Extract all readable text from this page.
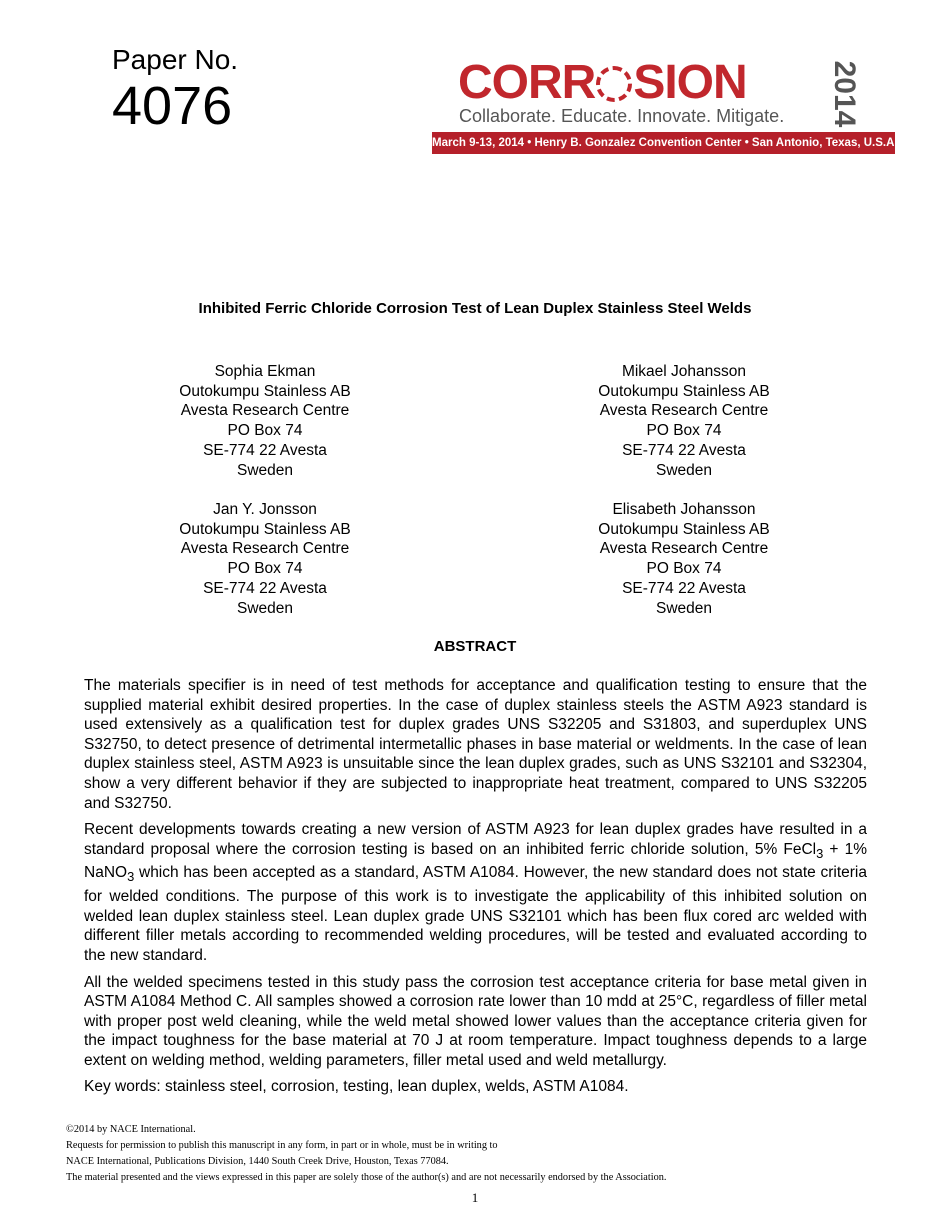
Paper No.
4076	CORR SION	2014
Collaborate. Educate. Innovate. Mitigate.
March 9-13, 2014 • Henry B. Gonzalez Convention Center • San Antonio, Texas, U.S.A.
Inhibited Ferric Chloride Corrosion Test of Lean Duplex Stainless Steel Welds
Sophia Ekman
Outokumpu Stainless AB
Avesta Research Centre
PO Box 74
SE-774 22 Avesta
Sweden
Mikael Johansson
Outokumpu Stainless AB
Avesta Research Centre
PO Box 74
SE-774 22 Avesta
Sweden
Jan Y. Jonsson
Outokumpu Stainless AB
Avesta Research Centre
PO Box 74
SE-774 22 Avesta
Sweden
Elisabeth Johansson
Outokumpu Stainless AB
Avesta Research Centre
PO Box 74
SE-774 22 Avesta
Sweden
ABSTRACT

The materials specifier is in need of test methods for acceptance and qualification testing to ensure that the supplied material exhibit desired properties. In the case of duplex stainless steels the ASTM A923 standard is used extensively as a qualification test for duplex grades UNS S32205 and S31803, and superduplex UNS S32750, to detect presence of detrimental intermetallic phases in base material or weldments. In the case of lean duplex stainless steel, ASTM A923 is unsuitable since the lean duplex grades, such as UNS S32101 and S32304, show a very different behavior if they are subjected to inappropriate heat treatment, compared to UNS S32205 and S32750.

Recent developments towards creating a new version of ASTM A923 for lean duplex grades have resulted in a standard proposal where the corrosion testing is based on an inhibited ferric chloride solution, 5% FeCl$_3$ + 1% NaNO$_3$ which has been accepted as a standard, ASTM A1084. However, the new standard does not state criteria for welded conditions. The purpose of this work is to investigate the applicability of this inhibited solution on welded lean duplex stainless steel. Lean duplex grade UNS S32101 which has been flux cored arc welded with different filler metals according to recommended welding procedures, will be tested and evaluated according to the new standard.

All the welded specimens tested in this study pass the corrosion test acceptance criteria for base metal given in ASTM A1084 Method C. All samples showed a corrosion rate lower than 10 mdd at 25°C, regardless of filler metal with proper post weld cleaning, while the weld metal showed lower values than the acceptance criteria given for the impact toughness for the base material at 70 J at room temperature. Impact toughness depends to a large extent on welding method, welding parameters, filler metal used and weld metallurgy.

Key words: stainless steel, corrosion, testing, lean duplex, welds, ASTM A1084.

©2014 by NACE International.
Requests for permission to publish this manuscript in any form, in part or in whole, must be in writing to
NACE International, Publications Division, 1440 South Creek Drive, Houston, Texas 77084.
The material presented and the views expressed in this paper are solely those of the author(s) and are not necessarily endorsed by the Association.
1
